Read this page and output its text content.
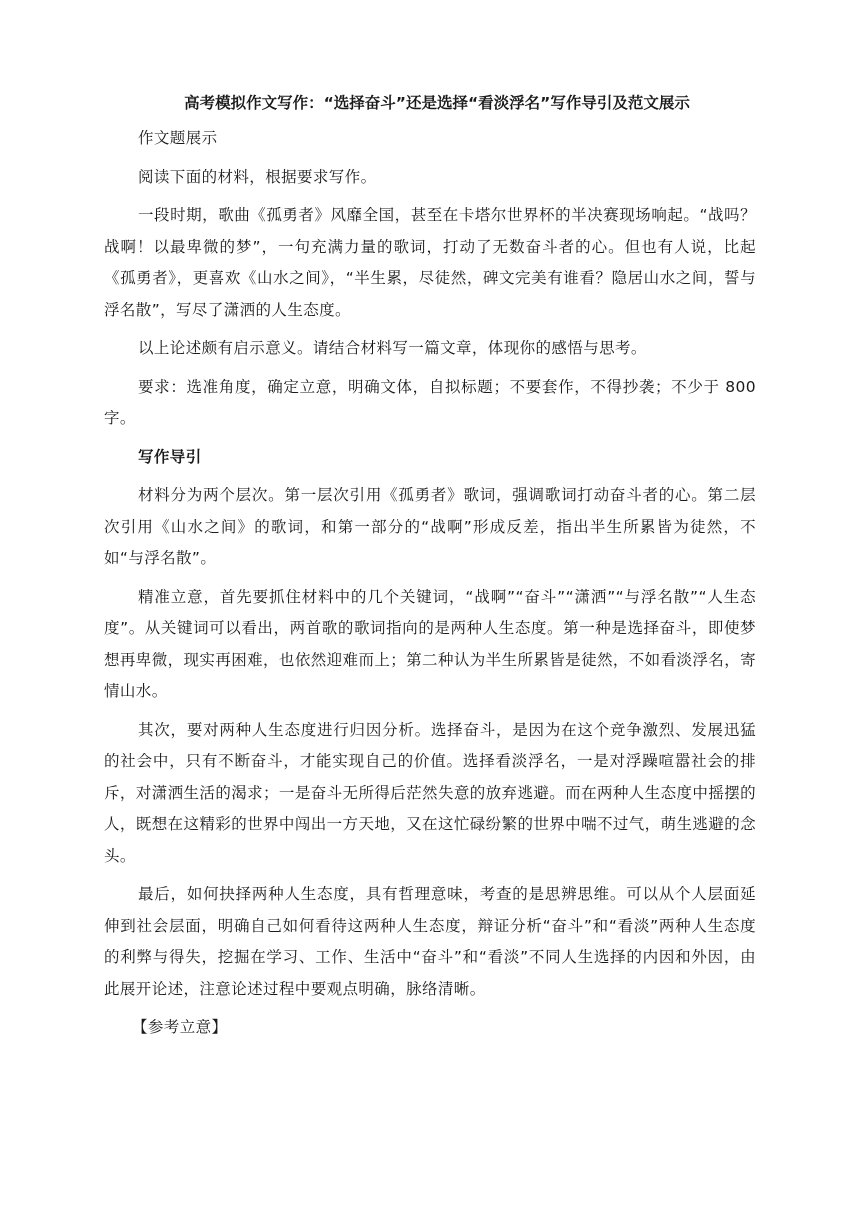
高考模拟作文写作：“选择奋斗”还是选择“看淡浮名”写作导引及范文展示

作文题展示

阅读下面的材料，根据要求写作。

一段时期，歌曲《孤勇者》风靡全国，甚至在卡塔尔世界杯的半决赛现场响起。“战吗？战啊！以最卑微的梦”，一句充满力量的歌词，打动了无数奋斗者的心。但也有人说，比起《孤勇者》，更喜欢《山水之间》，“半生累，尽徒然，碑文完美有谁看？隐居山水之间，誓与浮名散”，写尽了潇洒的人生态度。

以上论述颇有启示意义。请结合材料写一篇文章，体现你的感悟与思考。

要求：选准角度，确定立意，明确文体，自拟标题；不要套作，不得抄袭；不少于 800 字。

写作导引

材料分为两个层次。第一层次引用《孤勇者》歌词，强调歌词打动奋斗者的心。第二层次引用《山水之间》的歌词，和第一部分的“战啊”形成反差，指出半生所累皆为徒然，不如“与浮名散”。

精准立意，首先要抓住材料中的几个关键词，“战啊”“奋斗”“潇洒”“与浮名散”“人生态度”。从关键词可以看出，两首歌的歌词指向的是两种人生态度。第一种是选择奋斗，即使梦想再卑微，现实再困难，也依然迎难而上；第二种认为半生所累皆是徒然，不如看淡浮名，寄情山水。

其次，要对两种人生态度进行归因分析。选择奋斗，是因为在这个竞争激烈、发展迅猛的社会中，只有不断奋斗，才能实现自己的价值。选择看淡浮名，一是对浮躁喧嚣社会的排斥，对潇洒生活的渴求；一是奋斗无所得后茫然失意的放弃逃避。而在两种人生态度中摇摆的人，既想在这精彩的世界中闯出一方天地，又在这忙碌纷繁的世界中喘不过气，萌生逃避的念头。

最后，如何抉择两种人生态度，具有哲理意味，考查的是思辨思维。可以从个人层面延伸到社会层面，明确自己如何看待这两种人生态度，辩证分析“奋斗”和“看淡”两种人生态度的利弊与得失，挖掘在学习、工作、生活中“奋斗”和“看淡”不同人生选择的内因和外因，由此展开论述，注意论述过程中要观点明确，脉络清晰。

【参考立意】
